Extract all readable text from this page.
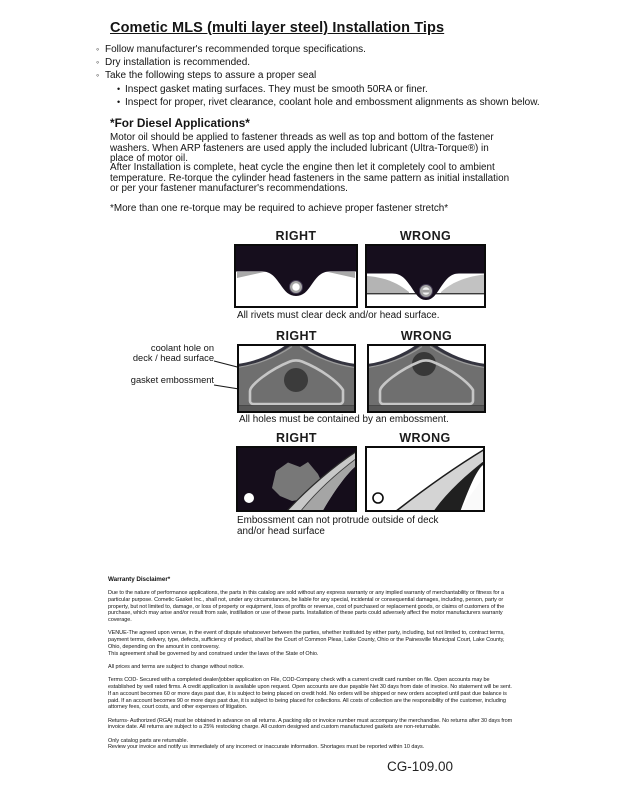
Cometic MLS (multi layer steel) Installation Tips
◦ Follow manufacturer's recommended torque specifications.
◦ Dry installation is recommended.
◦ Take the following steps to assure a proper seal
• Inspect gasket mating surfaces. They must be smooth 50RA or finer.
• Inspect for proper, rivet clearance, coolant hole and embossment alignments as shown below.
*For Diesel Applications*
Motor oil should be applied to fastener threads as well as top and bottom of the fastener washers. When ARP fasteners are used apply the included lubricant (Ultra-Torque®) in place of motor oil.
After Installation is complete, heat cycle the engine then let it completely cool to ambient temperature. Re-torque the cylinder head fasteners in the same pattern as initial installation or per your fastener manufacturer's recommendations.
*More than one re-torque may be required to achieve proper fastener stretch*
RIGHT	WRONG
All rivets must clear deck and/or head surface.
RIGHT	WRONG
coolant hole on
deck / head surface
gasket embossment
All holes must be contained by an embossment.
RIGHT	WRONG
Embossment can not protrude outside of deck and/or head surface
Warranty Disclaimer*

Due to the nature of performance applications, the parts in this catalog are sold without any express warranty or any implied warranty of merchantability or fitness for a particular purpose. Cometic Gasket Inc., shall not, under any circumstances, be liable for any special, incidental or consequential damages, including, person, party or property, but not limited to, damage, or loss of property or equipment, loss of profits or revenue, cost of purchased or replacement goods, or claims of customers of the purchase, which may arise and/or result from sale, instillation or use of these parts. Installation of these parts could adversely affect the motor manufacturers warranty coverage.

VENUE-The agreed upon venue, in the event of dispute whatsoever between the parties, whether instituted by either party, including, but not limited to, contract terms, payment terms, delivery, type, defects, sufficiency of product, shall be the Court of Common Pleas, Lake County, Ohio or the Painesville Municipal Court, Lake County, Ohio, depending on the amount in controversy.

This agreement shall be governed by and construed under the laws of the State of Ohio.

All prices and terms are subject to change without notice.

Terms COD- Secured with a completed dealer/jobber application on File, COD-Company check with a current credit card number on file. Open accounts may be established by well rated firms. A credit application is available upon request. Open accounts are due payable Net 30 days from date of invoice. No statement will be sent. If an account becomes 60 or more days past due, it is subject to being placed on credit hold. No orders will be shipped or new orders accepted until past due balance is paid. If an account becomes 90 or more days past due, it is subject to being placed for collections. All costs of collection are the responsibility of the customer, including attorney fees, court costs, and other expenses of litigation.

Returns- Authorized (RGA) must be obtained in advance on all returns. A packing slip or invoice number must accompany the merchandise. No returns after 30 days from invoice date. All returns are subject to a 25% restocking charge. All custom designed and custom manufactured gaskets are non-returnable.

Only catalog parts are returnable.

Review your invoice and notify us immediately of any incorrect or inaccurate information. Shortages must be reported within 10 days.

CG-109.00
